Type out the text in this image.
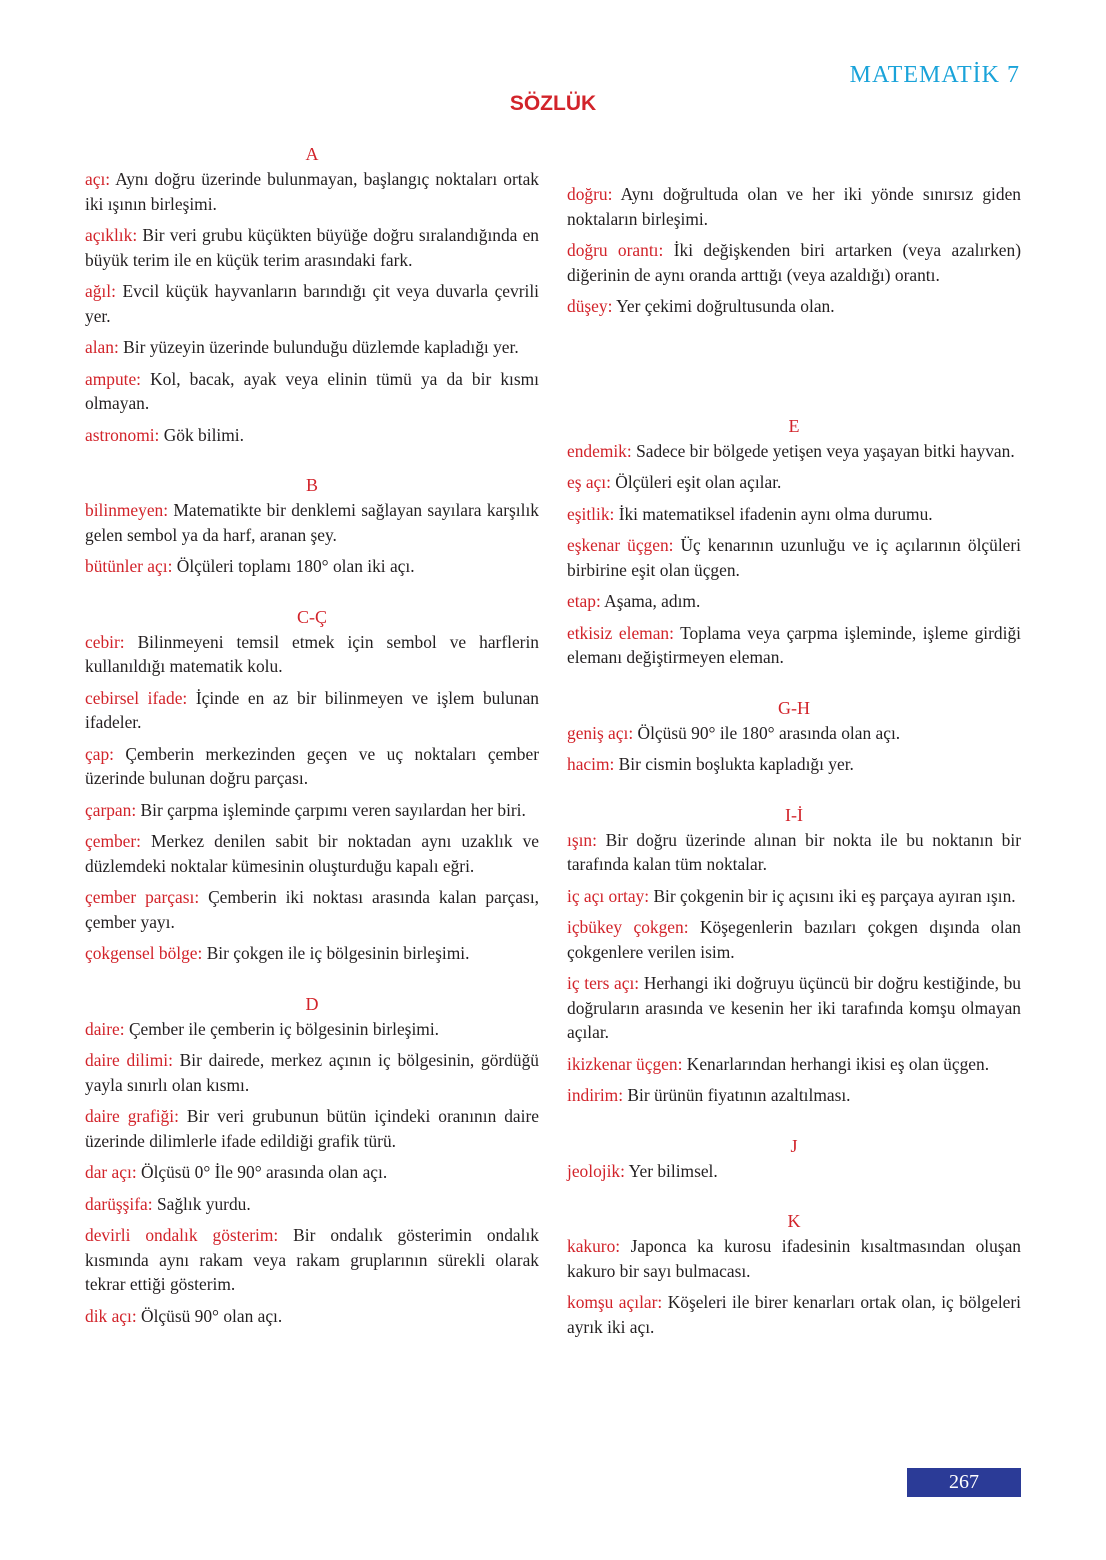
MATEMATİK 7
SÖZLÜK
A

açı: Aynı doğru üzerinde bulunmayan, başlangıç noktaları ortak iki ışının birleşimi.

açıklık: Bir veri grubu küçükten büyüğe doğru sıralandığında en büyük terim ile en küçük terim arasındaki fark.

ağıl: Evcil küçük hayvanların barındığı çit veya duvarla çevrili yer.

alan: Bir yüzeyin üzerinde bulunduğu düzlemde kapladığı yer.

ampute: Kol, bacak, ayak veya elinin tümü ya da bir kısmı olmayan.

astronomi: Gök bilimi.

B

bilinmeyen: Matematikte bir denklemi sağlayan sayılara karşılık gelen sembol ya da harf, aranan şey.

bütünler açı: Ölçüleri toplamı 180° olan iki açı.

C-Ç

cebir: Bilinmeyeni temsil etmek için sembol ve harflerin kullanıldığı matematik kolu.

cebirsel ifade: İçinde en az bir bilinmeyen ve işlem bulunan ifadeler.

çap: Çemberin merkezinden geçen ve uç noktaları çember üzerinde bulunan doğru parçası.

çarpan: Bir çarpma işleminde çarpımı veren sayılardan her biri.

çember: Merkez denilen sabit bir noktadan aynı uzaklık ve düzlemdeki noktalar kümesinin oluşturduğu kapalı eğri.

çember parçası: Çemberin iki noktası arasında kalan parçası, çember yayı.

çokgensel bölge: Bir çokgen ile iç bölgesinin birleşimi.

D

daire: Çember ile çemberin iç bölgesinin birleşimi.

daire dilimi: Bir dairede, merkez açının iç bölgesinin, gördüğü yayla sınırlı olan kısmı.

daire grafiği: Bir veri grubunun bütün içindeki oranının daire üzerinde dilimlerle ifade edildiği grafik türü.

dar açı: Ölçüsü 0° İle 90° arasında olan açı.

darüşşifa: Sağlık yurdu.

devirli ondalık gösterim: Bir ondalık gösterimin ondalık kısmında aynı rakam veya rakam gruplarının sürekli olarak tekrar ettiği gösterim.

dik açı: Ölçüsü 90° olan açı.

doğru: Aynı doğrultuda olan ve her iki yönde sınırsız giden noktaların birleşimi.

doğru orantı: İki değişkenden biri artarken (veya azalırken) diğerinin de aynı oranda arttığı (veya azaldığı) orantı.

düşey: Yer çekimi doğrultusunda olan.

E

endemik: Sadece bir bölgede yetişen veya yaşayan bitki hayvan.

eş açı: Ölçüleri eşit olan açılar.

eşitlik: İki matematiksel ifadenin aynı olma durumu.

eşkenar üçgen: Üç kenarının uzunluğu ve iç açılarının ölçüleri birbirine eşit olan üçgen.

etap: Aşama, adım.

etkisiz eleman: Toplama veya çarpma işleminde, işleme girdiği elemanı değiştirmeyen eleman.

G-H

geniş açı: Ölçüsü 90° ile 180° arasında olan açı.

hacim: Bir cismin boşlukta kapladığı yer.

I-İ

ışın: Bir doğru üzerinde alınan bir nokta ile bu noktanın bir tarafında kalan tüm noktalar.

iç açı ortay: Bir çokgenin bir iç açısını iki eş parçaya ayıran ışın.

içbükey çokgen: Köşegenlerin bazıları çokgen dışında olan çokgenlere verilen isim.

iç ters açı: Herhangi iki doğruyu üçüncü bir doğru kestiğinde, bu doğruların arasında ve kesenin her iki tarafında komşu olmayan açılar.

ikizkenar üçgen: Kenarlarından herhangi ikisi eş olan üçgen.

indirim: Bir ürünün fiyatının azaltılması.

J

jeolojik: Yer bilimsel.

K

kakuro: Japonca ka kurosu ifadesinin kısaltmasından oluşan kakuro bir sayı bulmacası.

komşu açılar: Köşeleri ile birer kenarları ortak olan, iç bölgeleri ayrık iki açı.

267
